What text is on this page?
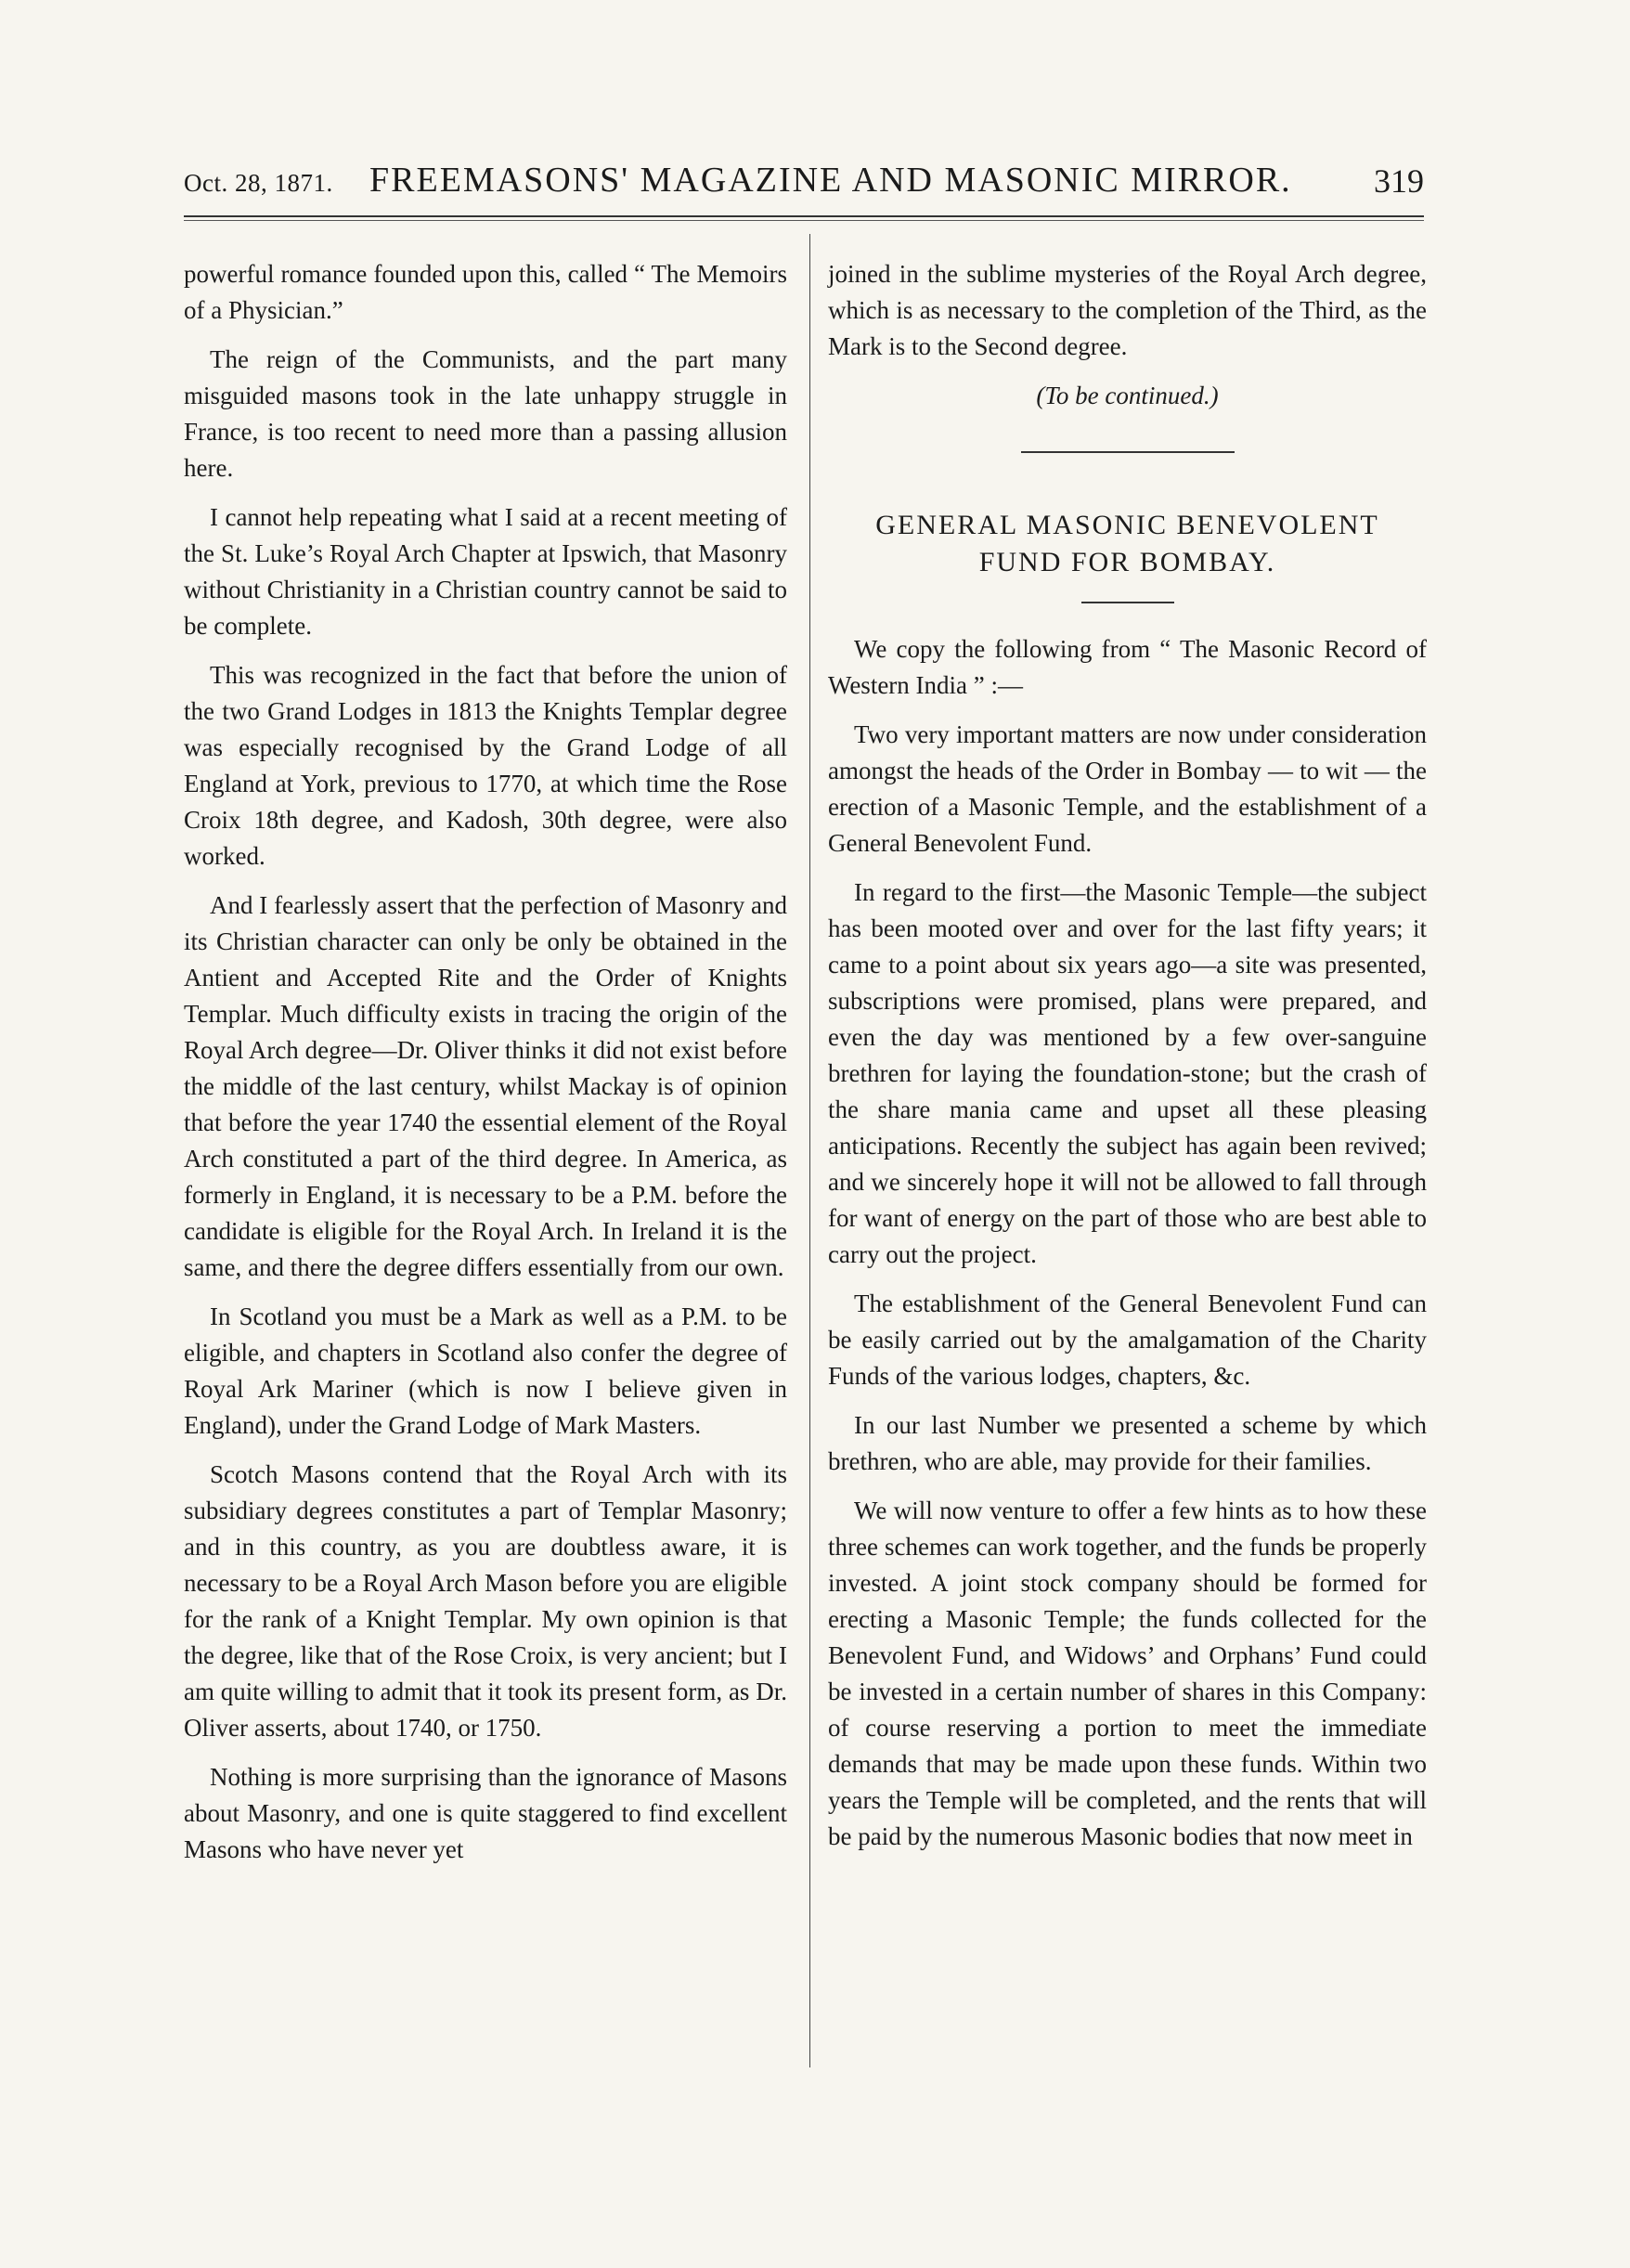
Oct. 28, 1871. FREEMASONS' MAGAZINE AND MASONIC MIRROR. 319

powerful romance founded upon this, called “ The Memoirs of a Physician.”

The reign of the Communists, and the part many misguided masons took in the late unhappy struggle in France, is too recent to need more than a passing allusion here.

I cannot help repeating what I said at a recent meeting of the St. Luke’s Royal Arch Chapter at Ipswich, that Masonry without Christianity in a Christian country cannot be said to be complete.

This was recognized in the fact that before the union of the two Grand Lodges in 1813 the Knights Templar degree was especially recognised by the Grand Lodge of all England at York, previous to 1770, at which time the Rose Croix 18th degree, and Kadosh, 30th degree, were also worked.

And I fearlessly assert that the perfection of Masonry and its Christian character can only be only be obtained in the Antient and Accepted Rite and the Order of Knights Templar. Much difficulty exists in tracing the origin of the Royal Arch degree—Dr. Oliver thinks it did not exist before the middle of the last century, whilst Mackay is of opinion that before the year 1740 the essential element of the Royal Arch constituted a part of the third degree. In America, as formerly in England, it is necessary to be a P.M. before the candidate is eligible for the Royal Arch. In Ireland it is the same, and there the degree differs essentially from our own.

In Scotland you must be a Mark as well as a P.M. to be eligible, and chapters in Scotland also confer the degree of Royal Ark Mariner (which is now I believe given in England), under the Grand Lodge of Mark Masters.

Scotch Masons contend that the Royal Arch with its subsidiary degrees constitutes a part of Templar Masonry; and in this country, as you are doubtless aware, it is necessary to be a Royal Arch Mason before you are eligible for the rank of a Knight Templar. My own opinion is that the degree, like that of the Rose Croix, is very ancient; but I am quite willing to admit that it took its present form, as Dr. Oliver asserts, about 1740, or 1750.

Nothing is more surprising than the ignorance of Masons about Masonry, and one is quite staggered to find excellent Masons who have never yet

joined in the sublime mysteries of the Royal Arch degree, which is as necessary to the completion of the Third, as the Mark is to the Second degree.

(To be continued.)
GENERAL MASONIC BENEVOLENT
FUND FOR BOMBAY.

We copy the following from “ The Masonic Record of Western India ” :—

Two very important matters are now under consideration amongst the heads of the Order in Bombay — to wit — the erection of a Masonic Temple, and the establishment of a General Benevolent Fund.

In regard to the first—the Masonic Temple—the subject has been mooted over and over for the last fifty years; it came to a point about six years ago—a site was presented, subscriptions were promised, plans were prepared, and even the day was mentioned by a few over-sanguine brethren for laying the foundation-stone; but the crash of the share mania came and upset all these pleasing anticipations. Recently the subject has again been revived; and we sincerely hope it will not be allowed to fall through for want of energy on the part of those who are best able to carry out the project.

The establishment of the General Benevolent Fund can be easily carried out by the amalgamation of the Charity Funds of the various lodges, chapters, &c.

In our last Number we presented a scheme by which brethren, who are able, may provide for their families.

We will now venture to offer a few hints as to how these three schemes can work together, and the funds be properly invested. A joint stock company should be formed for erecting a Masonic Temple; the funds collected for the Benevolent Fund, and Widows’ and Orphans’ Fund could be invested in a certain number of shares in this Company: of course reserving a portion to meet the immediate demands that may be made upon these funds. Within two years the Temple will be completed, and the rents that will be paid by the numerous Masonic bodies that now meet in
